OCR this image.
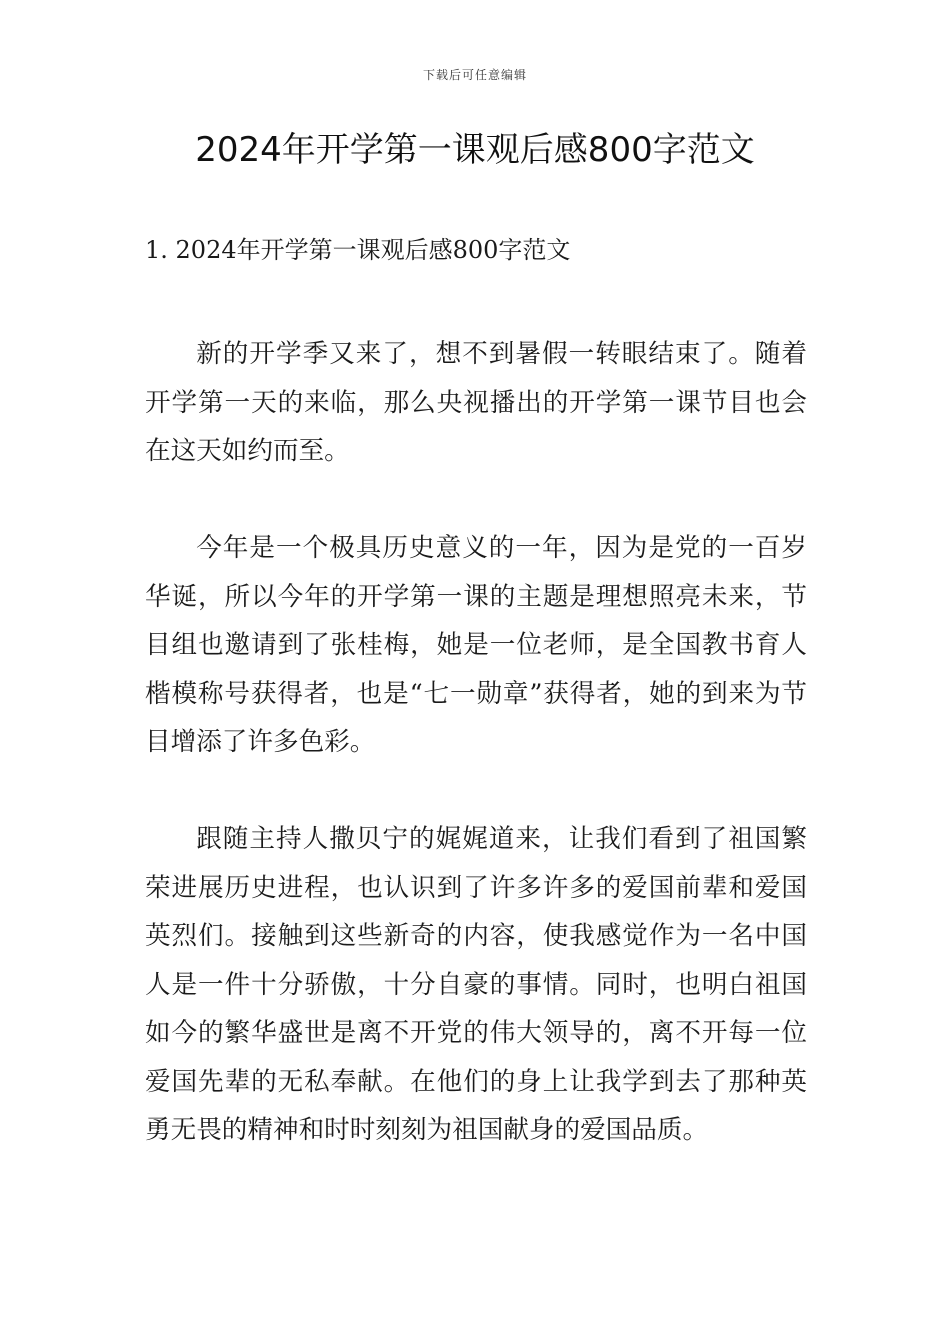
下载后可任意编辑
2024年开学第一课观后感800字范文

1. 2024年开学第一课观后感800字范文

新的开学季又来了，想不到暑假一转眼结束了。随着开学第一天的来临，那么央视播出的开学第一课节目也会在这天如约而至。

今年是一个极具历史意义的一年，因为是党的一百岁华诞，所以今年的开学第一课的主题是理想照亮未来，节目组也邀请到了张桂梅，她是一位老师，是全国教书育人楷模称号获得者，也是“七一勋章”获得者，她的到来为节目增添了许多色彩。

跟随主持人撒贝宁的娓娓道来，让我们看到了祖国繁荣进展历史进程，也认识到了许多许多的爱国前辈和爱国英烈们。接触到这些新奇的内容，使我感觉作为一名中国人是一件十分骄傲，十分自豪的事情。同时，也明白祖国如今的繁华盛世是离不开党的伟大领导的，离不开每一位爱国先辈的无私奉献。在他们的身上让我学到去了那种英勇无畏的精神和时时刻刻为祖国献身的爱国品质。
